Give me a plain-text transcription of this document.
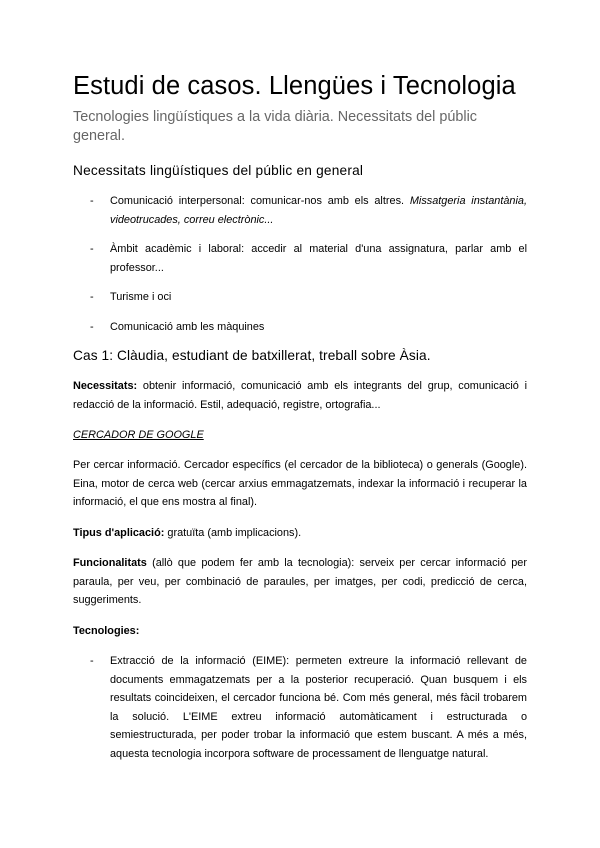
Estudi de casos. Llengües i Tecnologia
Tecnologies lingüístiques a la vida diària. Necessitats del públic general.
Necessitats lingüístiques del públic en general
- Comunicació interpersonal: comunicar-nos amb els altres. Missatgeria instantània, videotrucades, correu electrònic...
- Àmbit acadèmic i laboral: accedir al material d'una assignatura, parlar amb el professor...
- Turisme i oci
- Comunicació amb les màquines
Cas 1: Clàudia, estudiant de batxillerat, treball sobre Àsia.

Necessitats: obtenir informació, comunicació amb els integrants del grup, comunicació i redacció de la informació. Estil, adequació, registre, ortografia...

CERCADOR DE GOOGLE

Per cercar informació. Cercador específics (el cercador de la biblioteca) o generals (Google). Eina, motor de cerca web (cercar arxius emmagatzemats, indexar la informació i recuperar la informació, el que ens mostra al final).

Tipus d'aplicació: gratuïta (amb implicacions).

Funcionalitats (allò que podem fer amb la tecnologia): serveix per cercar informació per paraula, per veu, per combinació de paraules, per imatges, per codi, predicció de cerca, suggeriments.

Tecnologies:

- Extracció de la informació (EIME): permeten extreure la informació rellevant de documents emmagatzemats per a la posterior recuperació. Quan busquem i els resultats coincideixen, el cercador funciona bé. Com més general, més fàcil trobarem la solució. L'EIME extreu informació automàticament i estructurada o semiestructurada, per poder trobar la informació que estem buscant. A més a més, aquesta tecnologia incorpora software de processament de llenguatge natural.
